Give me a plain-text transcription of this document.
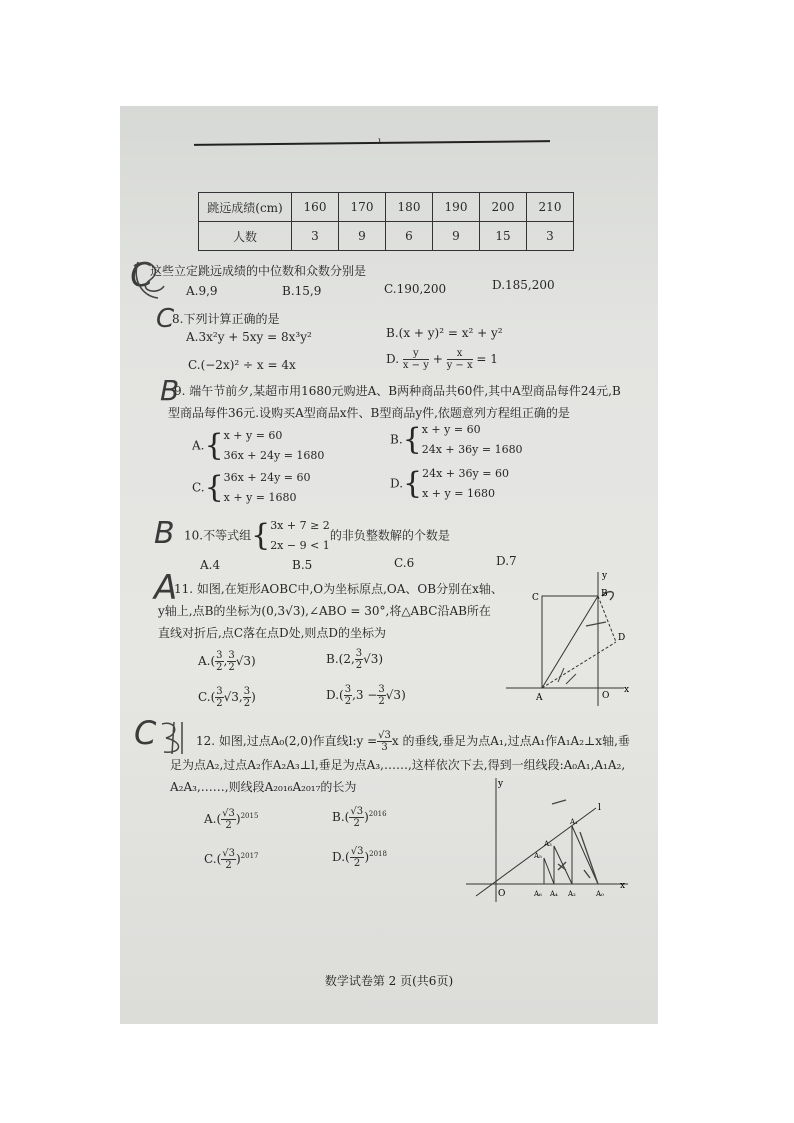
ı
跳远成绩(cm)	160	170	180	190	200	210
人数	3	9	6	9	15	3
C
这些立定跳远成绩的中位数和众数分别是
A.9,9	B.15,9	C.190,200	D.185,200
C
8.下列计算正确的是
A.3x²y + 5xy = 8x³y²	B.(x + y)² = x² + y²
C.(−2x)² ÷ x = 4x	D. $\frac{y}{x - y} + \frac{x}{y - x} = 1$
B
9. 端午节前夕,某超市用1680元购进A、B两种商品共60件,其中A型商品每件24元,B
型商品每件36元.设购买A型商品x件、B型商品y件,依题意列方程组正确的是
A.{ x + y = 60
36x + 24y = 1680
B.{ x + y = 60
24x + 36y = 1680
C.{ 36x + 24y = 60
x + y = 1680
D.{ 24x + 36y = 60
x + y = 1680
B 10.不等式组{ 3x + 7 ≥ 2
2x − 9 < 1
的非负整数解的个数是
A.4	B.5	C.6	D.7
A
11. 如图,在矩形AOBC中,O为坐标原点,OA、OB分别在x轴、
y轴上,点B的坐标为(0,3√3),∠ABO = 30°,将△ABC沿AB所在
直线对折后,点C落在点D处,则点D的坐标为
$A.( \frac{3}{2}$ , $\frac{3}{2} √3$)	B.(2, $\frac{3}{2} √3$)
$C.( \frac{3}{2} √3$, $\frac{3}{2}$ )	$D.( \frac{3}{2} ,3 - \frac{3}{2} √3)$
C	B
D
A	O
x
y
C	12. 如图,过点A₀(2,0)作直线l:y = $\frac{√3}{3}$ x 的垂线,垂足为点A₁,过点A₁作A₁A₂⊥x轴,垂
足为点A₂,过点A₂作A₂A₃⊥l,垂足为点A₃,……,这样依次下去,得到一组线段:A₀A₁,A₁A₂,
A₂A₃,……,则线段A₂₀₁₆A₂₀₁₇的长为
$A.( \frac{√3}{2} )^{2015}$	$B.( \frac{√3}{2} )^{2016}$
$C.( \frac{√3}{2} )^{2017}$	$D.( \frac{√3}{2} )^{2018}$
y
x
O
l
A₀
A₁
A₂
A₃
A₄
A₅
A₆
数学试卷第 2 页(共6页)
